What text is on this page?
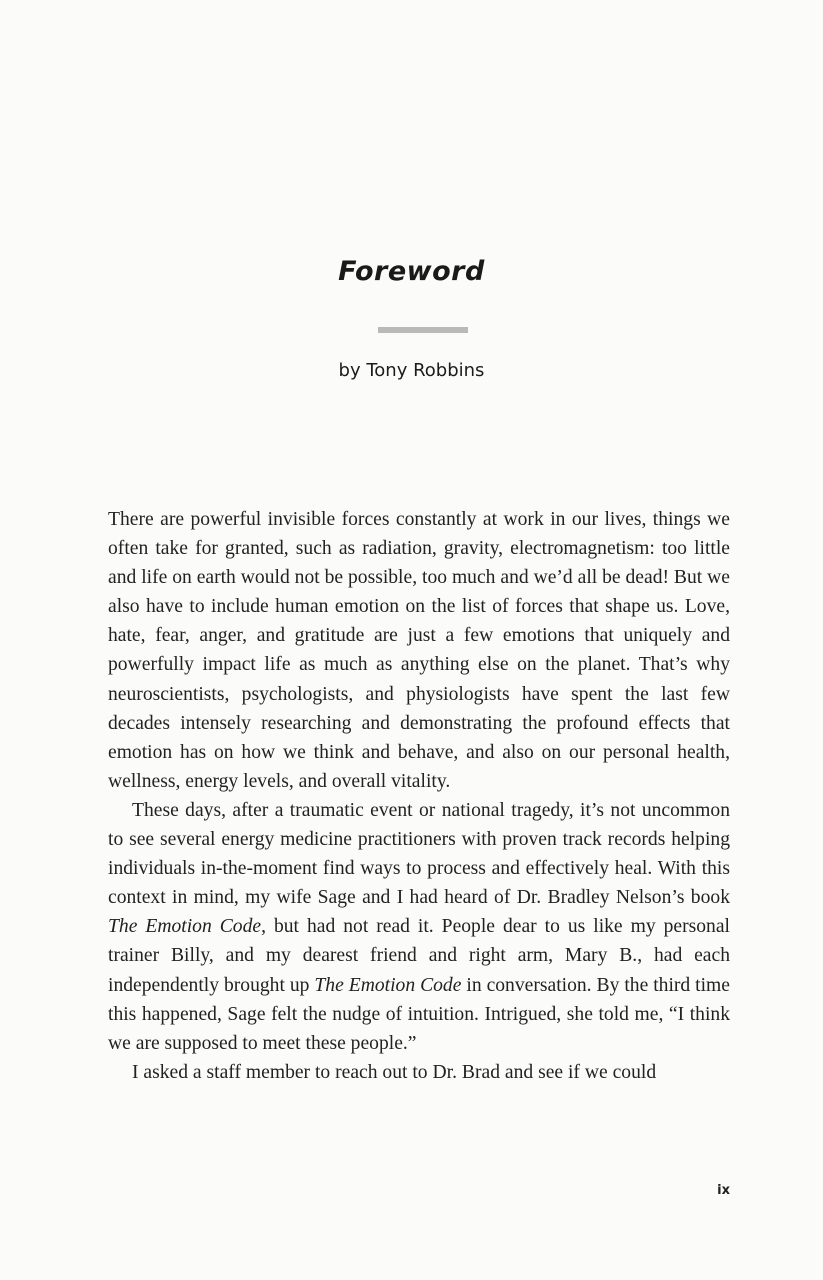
Foreword

by Tony Robbins

There are powerful invisible forces constantly at work in our lives, things we often take for granted, such as radiation, gravity, electromagnetism: too little and life on earth would not be possible, too much and we’d all be dead! But we also have to include human emotion on the list of forces that shape us. Love, hate, fear, anger, and gratitude are just a few emotions that uniquely and powerfully impact life as much as anything else on the planet. That’s why neuroscientists, psychologists, and physiologists have spent the last few decades intensely researching and demonstrating the profound effects that emotion has on how we think and behave, and also on our personal health, wellness, energy levels, and overall vitality.

These days, after a traumatic event or national tragedy, it’s not uncommon to see several energy medicine practitioners with proven track records helping individuals in-the-moment find ways to process and effectively heal. With this context in mind, my wife Sage and I had heard of Dr. Bradley Nelson’s book The Emotion Code, but had not read it. People dear to us like my personal trainer Billy, and my dearest friend and right arm, Mary B., had each independently brought up The Emotion Code in conversation. By the third time this happened, Sage felt the nudge of intuition. Intrigued, she told me, “I think we are supposed to meet these people.”

I asked a staff member to reach out to Dr. Brad and see if we could

ix
